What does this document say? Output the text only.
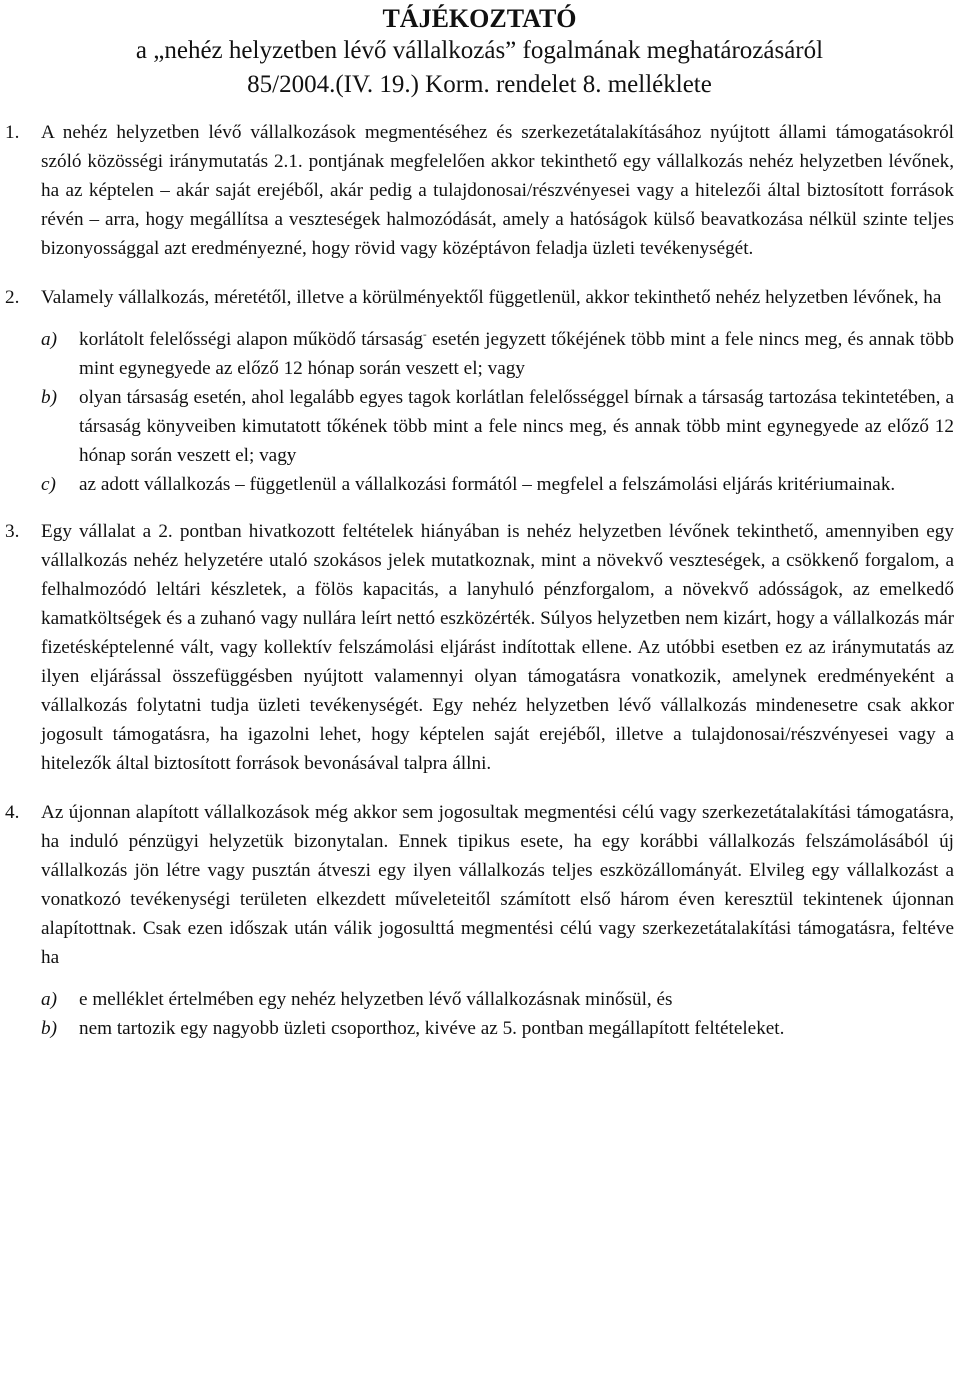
TÁJÉKOZTATÓ
a „nehéz helyzetben lévő vállalkozás” fogalmának meghatározásáról
85/2004.(IV. 19.) Korm. rendelet 8. melléklete
1. A nehéz helyzetben lévő vállalkozások megmentéséhez és szerkezetátalakításához nyújtott állami támogatásokról szóló közösségi iránymutatás 2.1. pontjának megfelelően akkor tekinthető egy vállalkozás nehéz helyzetben lévőnek, ha az képtelen – akár saját erejéből, akár pedig a tulajdonosai/részvényesei vagy a hitelezői által biztosított források révén – arra, hogy megállítsa a veszteségek halmozódását, amely a hatóságok külső beavatkozása nélkül szinte teljes bizonyossággal azt eredményezné, hogy rövid vagy középtávon feladja üzleti tevékenységét.

2. Valamely vállalkozás, méretétől, illetve a körülményektől függetlenül, akkor tekinthető nehéz helyzetben lévőnek, ha

a) korlátolt felelősségi alapon működő társaság- esetén jegyzett tőkéjének több mint a fele nincs meg, és annak több mint egynegyede az előző 12 hónap során veszett el; vagy

b) olyan társaság esetén, ahol legalább egyes tagok korlátlan felelősséggel bírnak a társaság tartozása tekintetében, a társaság könyveiben kimutatott tőkének több mint a fele nincs meg, és annak több mint egynegyede az előző 12 hónap során veszett el; vagy

c) az adott vállalkozás – függetlenül a vállalkozási formától – megfelel a felszámolási eljárás kritériumainak.

3. Egy vállalat a 2. pontban hivatkozott feltételek hiányában is nehéz helyzetben lévőnek tekinthető, amennyiben egy vállalkozás nehéz helyzetére utaló szokásos jelek mutatkoznak, mint a növekvő veszteségek, a csökkenő forgalom, a felhalmozódó leltári készletek, a fölös kapacitás, a lanyhuló pénzforgalom, a növekvő adósságok, az emelkedő kamatköltségek és a zuhanó vagy nullára leírt nettó eszközérték. Súlyos helyzetben nem kizárt, hogy a vállalkozás már fizetésképtelenné vált, vagy kollektív felszámolási eljárást indítottak ellene. Az utóbbi esetben ez az iránymutatás az ilyen eljárással összefüggésben nyújtott valamennyi olyan támogatásra vonatkozik, amelynek eredményeként a vállalkozás folytatni tudja üzleti tevékenységét. Egy nehéz helyzetben lévő vállalkozás mindenesetre csak akkor jogosult támogatásra, ha igazolni lehet, hogy képtelen saját erejéből, illetve a tulajdonosai/részvényesei vagy a hitelezők által biztosított források bevonásával talpra állni.

4. Az újonnan alapított vállalkozások még akkor sem jogosultak megmentési célú vagy szerkezetátalakítási támogatásra, ha induló pénzügyi helyzetük bizonytalan. Ennek tipikus esete, ha egy korábbi vállalkozás felszámolásából új vállalkozás jön létre vagy pusztán átveszi egy ilyen vállalkozás teljes eszközállományát. Elvileg egy vállalkozást a vonatkozó tevékenységi területen elkezdett műveleteitől számított első három éven keresztül tekintenek újonnan alapítottnak. Csak ezen időszak után válik jogosulttá megmentési célú vagy szerkezetátalakítási támogatásra, feltéve ha

a) e melléklet értelmében egy nehéz helyzetben lévő vállalkozásnak minősül, és

b) nem tartozik egy nagyobb üzleti csoporthoz, kivéve az 5. pontban megállapított feltételeket.
